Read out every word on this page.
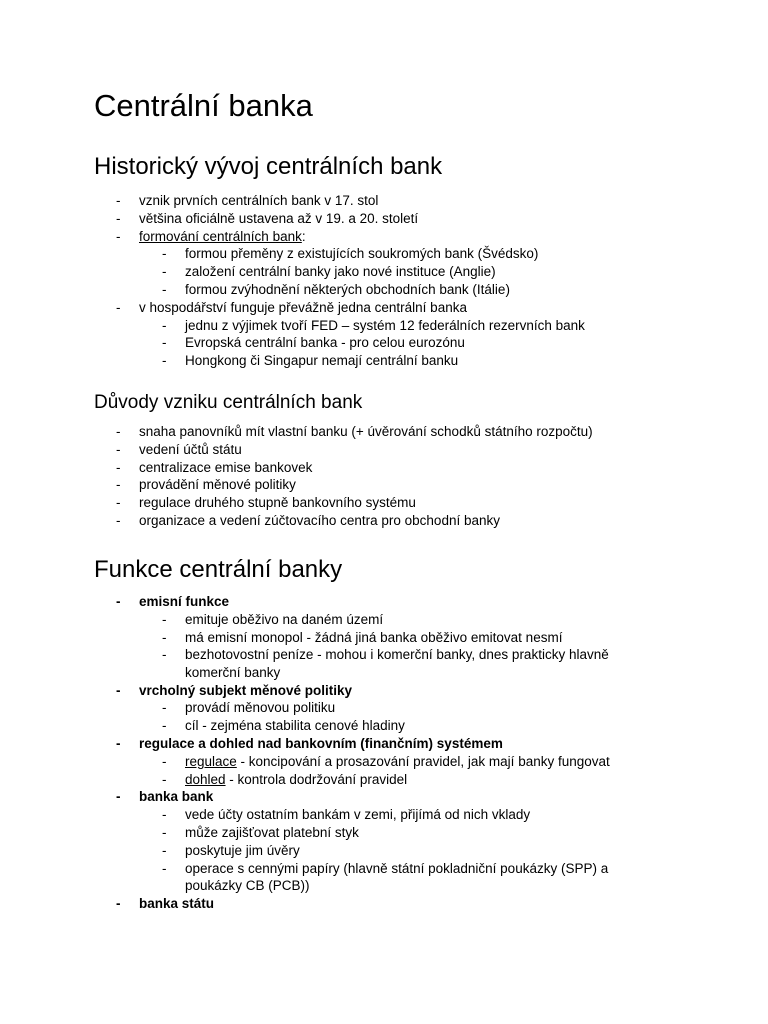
Centrální banka
Historický vývoj centrálních bank
- vznik prvních centrálních bank v 17. stol
- většina oficiálně ustavena až v 19. a 20. století
- formování centrálních bank:
- formou přeměny z existujících soukromých bank (Švédsko)
- založení centrální banky jako nové instituce (Anglie)
- formou zvýhodnění některých obchodních bank (Itálie)
- v hospodářství funguje převážně jedna centrální banka
- jednu z výjimek tvoří FED – systém 12 federálních rezervních bank
- Evropská centrální banka - pro celou eurozónu
- Hongkong či Singapur nemají centrální banku
Důvody vzniku centrálních bank
- snaha panovníků mít vlastní banku (+ úvěrování schodků státního rozpočtu)
- vedení účtů státu
- centralizace emise bankovek
- provádění měnové politiky
- regulace druhého stupně bankovního systému
- organizace a vedení zúčtovacího centra pro obchodní banky
Funkce centrální banky
- emisní funkce
- emituje oběživo na daném území
- má emisní monopol - žádná jiná banka oběživo emitovat nesmí
- bezhotovostní peníze - mohou i komerční banky, dnes prakticky hlavně komerční banky
- vrcholný subjekt měnové politiky
- provádí měnovou politiku
- cíl - zejména stabilita cenové hladiny
- regulace a dohled nad bankovním (finančním) systémem
- regulace - koncipování a prosazování pravidel, jak mají banky fungovat
- dohled - kontrola dodržování pravidel
- banka bank
- vede účty ostatním bankám v zemi, přijímá od nich vklady
- může zajišťovat platební styk
- poskytuje jim úvěry
- operace s cennými papíry (hlavně státní pokladniční poukázky (SPP) a poukázky CB (PCB))
- banka státu
